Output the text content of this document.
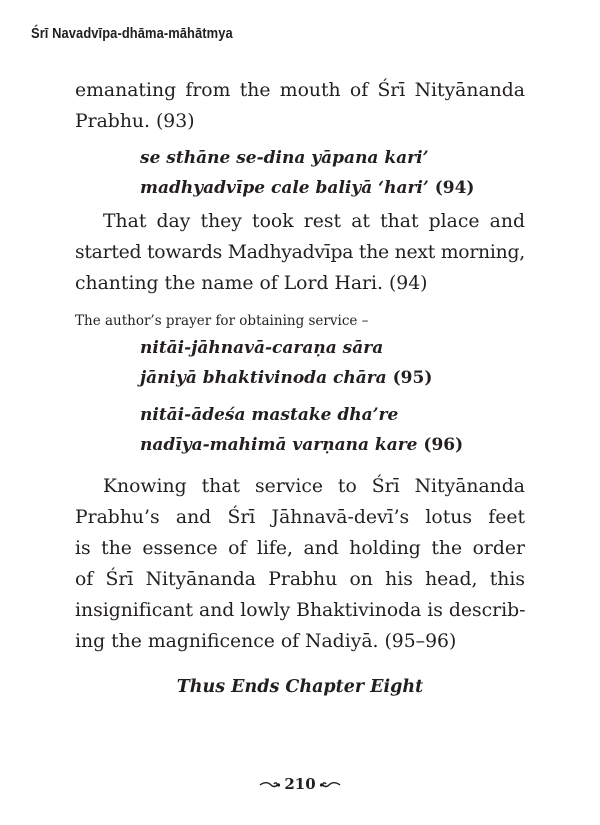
Śrī Navadvīpa-dhāma-māhātmya

emanating from the mouth of Śrī Nityānanda
Prabhu. (93)

se sthāne se-dina yāpana kari’
madhyadvīpe cale baliyā ‘hari’ (94)

That day they took rest at that place and
started towards Madhyadvīpa the next morning,
chanting the name of Lord Hari. (94)

The author’s prayer for obtaining service –
nitāi-jāhnavā-caraṇa sāra
jāniyā bhaktivinoda chāra (95)
nitāi-ādeśa mastake dha’re
nadīya-mahimā varṇana kare (96)

Knowing that service to Śrī Nityānanda
Prabhu’s and Śrī Jāhnavā-devī’s lotus feet
is the essence of life, and holding the order
of Śrī Nityānanda Prabhu on his head, this
insignificant and lowly Bhaktivinoda is describ-
ing the magnificence of Nadiyā. (95–96)

Thus Ends Chapter Eight
210
